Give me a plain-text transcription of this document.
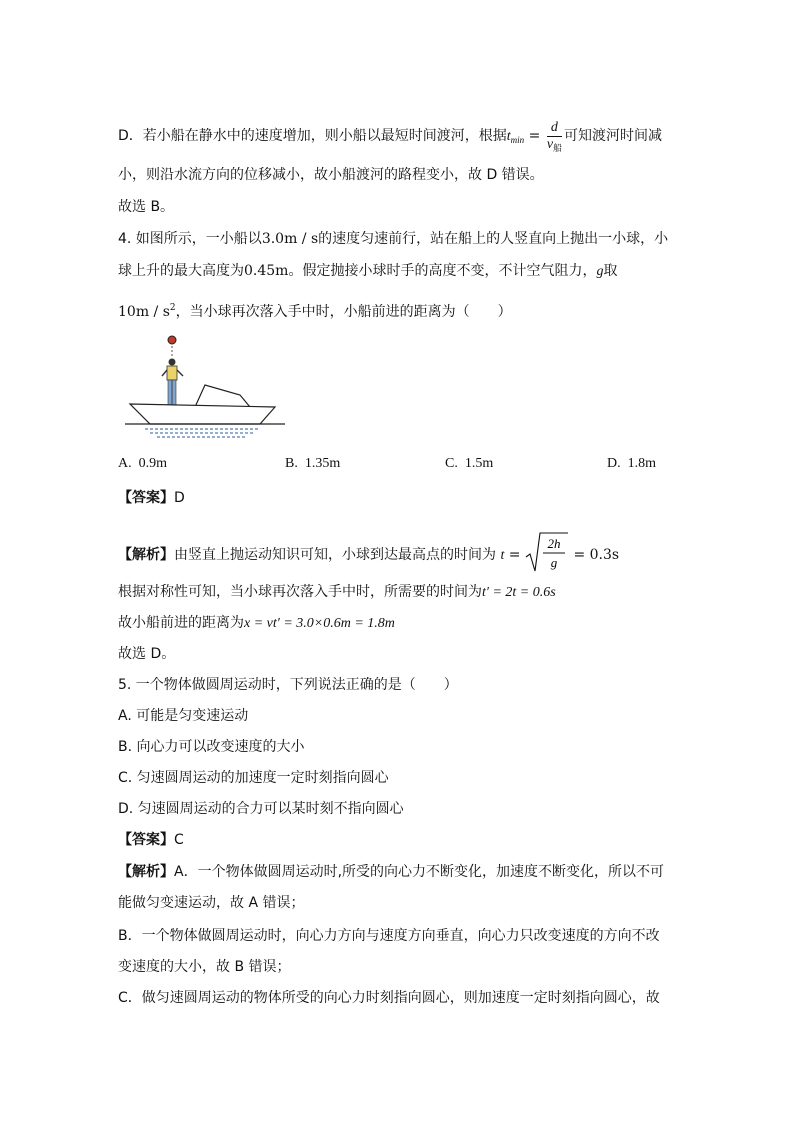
D．若小船在静水中的速度增加，则小船以最短时间渡河，根据$t_{min} = \frac{d}{v_船}$ 可知渡河时间减
小，则沿水流方向的位移减小，故小船渡河的路程变小，故 D 错误。
故选 B。
4. 如图所示，一小船以3.0m / s的速度匀速前行，站在船上的人竖直向上抛出一小球，小
球上升的最大高度为0.45m。假定抛接小球时手的高度不变，不计空气阻力，g取
$10m / s^2$，当小球再次落入手中时，小船前进的距离为（　　）
A. 0.9m	B. 1.35m	C. 1.5m	D. 1.8m
【答案】D
【解析】由竖直上抛运动知识可知，小球到达最高点的时间为 t =
2h
g = 0.3s
根据对称性可知，当小球再次落入手中时，所需要的时间为t′ = 2t = 0.6s
故小船前进的距离为x = vt′ = 3.0×0.6m = 1.8m
故选 D。
5. 一个物体做圆周运动时，下列说法正确的是（　　）
A. 可能是匀变速运动
B. 向心力可以改变速度的大小
C. 匀速圆周运动的加速度一定时刻指向圆心
D. 匀速圆周运动的合力可以某时刻不指向圆心
【答案】C
【解析】A．一个物体做圆周运动时,所受的向心力不断变化，加速度不断变化，所以不可
能做匀变速运动，故 A 错误；
B．一个物体做圆周运动时，向心力方向与速度方向垂直，向心力只改变速度的方向不改
变速度的大小，故 B 错误；
C．做匀速圆周运动的物体所受的向心力时刻指向圆心，则加速度一定时刻指向圆心，故
